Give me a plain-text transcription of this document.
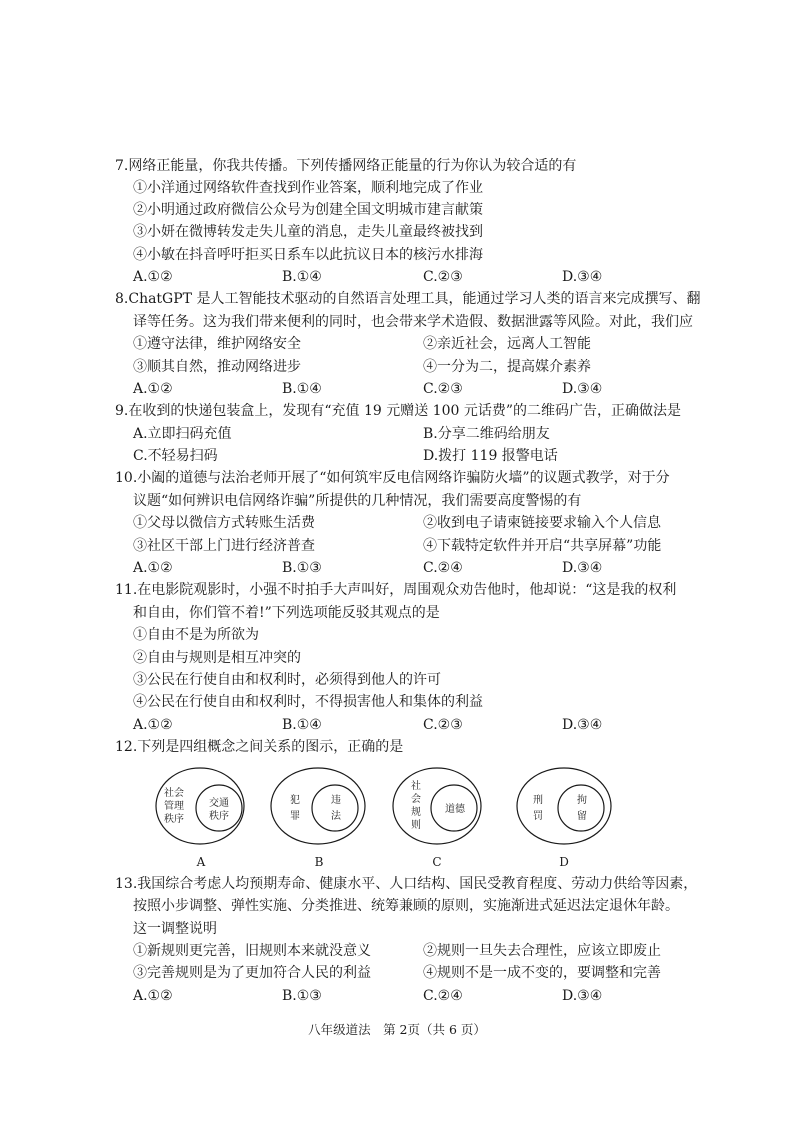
7.网络正能量，你我共传播。下列传播网络正能量的行为你认为较合适的有
①小洋通过网络软件查找到作业答案，顺利地完成了作业
②小明通过政府微信公众号为创建全国文明城市建言献策
③小妍在微博转发走失儿童的消息，走失儿童最终被找到
④小敏在抖音呼吁拒买日系车以此抗议日本的核污水排海
A.①②	B.①④	C.②③	D.③④
8.ChatGPT 是人工智能技术驱动的自然语言处理工具，能通过学习人类的语言来完成撰写、翻
译等任务。这为我们带来便利的同时，也会带来学术造假、数据泄露等风险。对此，我们应
①遵守法律，维护网络安全	②亲近社会，远离人工智能
③顺其自然，推动网络进步	④一分为二，提高媒介素养
A.①②	B.①④	C.②③	D.③④
9.在收到的快递包装盒上，发现有“充值 19 元赠送 100 元话费”的二维码广告，正确做法是
A.立即扫码充值	B.分享二维码给朋友
C.不轻易扫码	D.拨打 119 报警电话
10.小阖的道德与法治老师开展了“如何筑牢反电信网络诈骗防火墙”的议题式教学，对于分
议题“如何辨识电信网络诈骗”所提供的几种情况，我们需要高度警惕的有
①父母以微信方式转账生活费	②收到电子请柬链接要求输入个人信息
③社区干部上门进行经济普查	④下载特定软件并开启“共享屏幕”功能
A.①②	B.①③	C.②④	D.③④
11.在电影院观影时，小强不时拍手大声叫好，周围观众劝告他时，他却说：“这是我的权利
和自由，你们管不着!”下列选项能反驳其观点的是
①自由不是为所欲为
②自由与规则是相互冲突的
③公民在行使自由和权利时，必须得到他人的许可
④公民在行使自由和权利时，不得损害他人和集体的利益
A.①②	B.①④	C.②③	D.③④
12.下列是四组概念之间关系的图示，正确的是
社会
管理
秩序
交通
秩序
A
犯
罪
违
法
B
社
会
规
则
道德
C
刑
罚
拘
留
D
13.我国综合考虑人均预期寿命、健康水平、人口结构、国民受教育程度、劳动力供给等因素，
按照小步调整、弹性实施、分类推进、统筹兼顾的原则，实施渐进式延迟法定退休年龄。
这一调整说明
①新规则更完善，旧规则本来就没意义	②规则一旦失去合理性，应该立即废止
③完善规则是为了更加符合人民的利益	④规则不是一成不变的，要调整和完善
A.①②	B.①③	C.②④	D.③④
八年级道法　第 2页（共 6 页）
